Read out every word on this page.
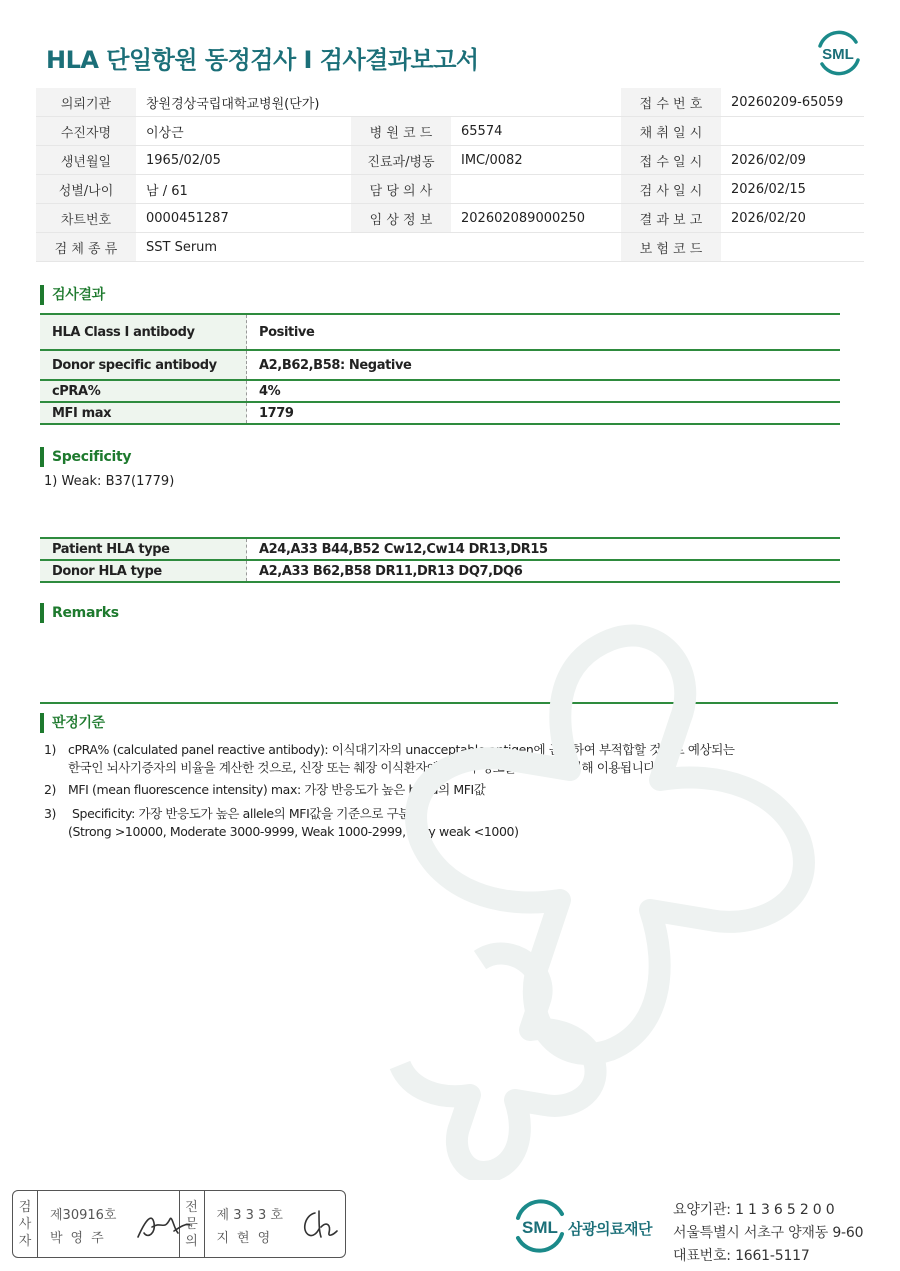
HLA 단일항원 동정검사 I 검사결과보고서	SML
의뢰기관	창원경상국립대학교병원(단가)			접 수 번 호	20260209-65059
수진자명	이상근	병 원 코 드	65574	채 취 일 시	
생년월일	1965/02/05	진료과/병동	IMC/0082	접 수 일 시	2026/02/09
성별/나이	남 / 61	담 당 의 사		검 사 일 시	2026/02/15
차트번호	0000451287	임 상 정 보	202602089000250	결 과 보 고	2026/02/20
검 체 종 류	SST Serum			보 험 코 드	
검사결과
HLA Class I antibody	Positive
Donor specific antibody	A2,B62,B58: Negative
cPRA%	4%
MFI max	1779
Specificity
1) Weak: B37(1779)
Patient HLA type	A24,A33 B44,B52 Cw12,Cw14 DR13,DR15
Donor HLA type	A2,A33 B62,B58 DR11,DR13 DQ7,DQ6
Remarks
판정기준
1) cPRA% (calculated panel reactive antibody): 이식대기자의 unacceptable antigen에 근거하여 부적합할 것으로 예상되는
한국인 뇌사기증자의 비율을 계산한 것으로, 신장 또는 췌장 이식환자에서 감작 정도를 측정하기 위해 이용됩니다.
2) MFI (mean fluorescence intensity) max: 가장 반응도가 높은 bead의 MFI값
3) Specificity: 가장 반응도가 높은 allele의 MFI값을 기준으로 구분
(Strong >10000, Moderate 3000-9999, Weak 1000-2999, Very weak <1000)
검
사
자
제30916호
박영주
전
문
의
제 3 3 3 호
지현영
SML 삼광의료재단
요양기관: 1 1 3 6 5 2 0 0
서울특별시 서초구 양재동 9-60
대표번호: 1661-5117
